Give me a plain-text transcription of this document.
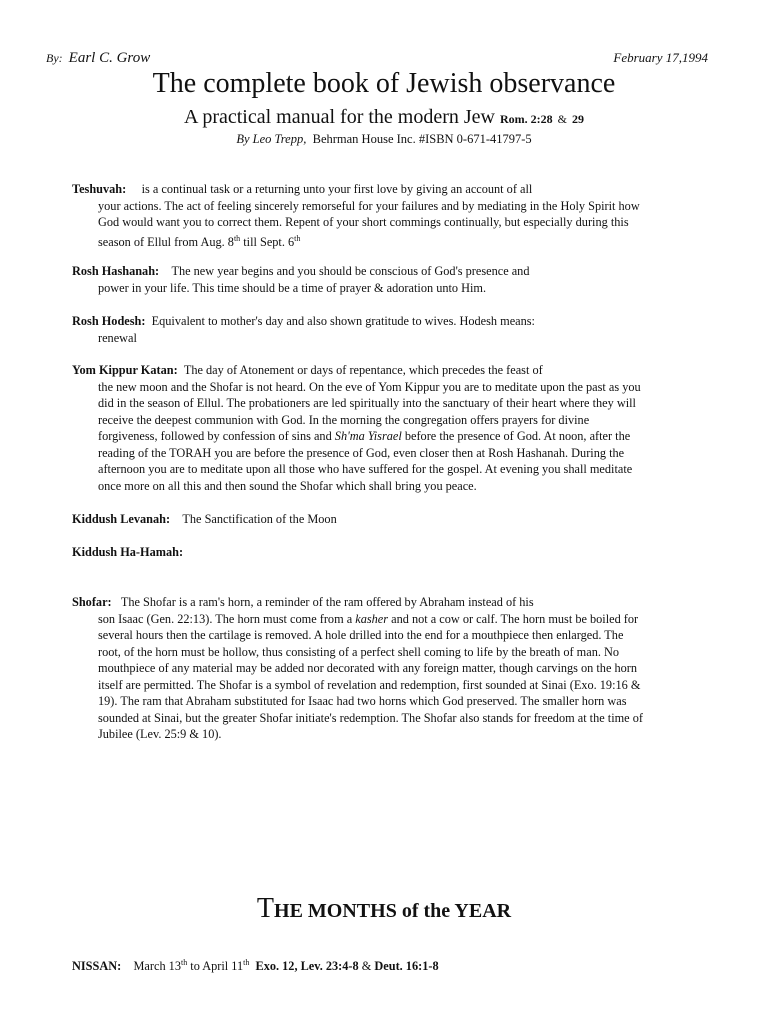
By: Earl C. Grow	February 17,1994
The complete book of Jewish observance
A practical manual for the modern Jew Rom. 2:28 & 29
By Leo Trepp, Behrman House Inc. #ISBN 0-671-41797-5
Teshuvah: is a continual task or a returning unto your first love by giving an account of all
your actions. The act of feeling sincerely remorseful for your failures and by mediating in the Holy Spirit how
God would want you to correct them. Repent of your short commings continually, but especially during this
season of Ellul from Aug. 8th till Sept. 6th
Rosh Hashanah: The new year begins and you should be conscious of God's presence and
power in your life. This time should be a time of prayer & adoration unto Him.
Rosh Hodesh: Equivalent to mother's day and also shown gratitude to wives. Hodesh means:
renewal
Yom Kippur Katan: The day of Atonement or days of repentance, which precedes the feast of
the new moon and the Shofar is not heard. On the eve of Yom Kippur you are to meditate upon the past as you
did in the season of Ellul. The probationers are led spiritually into the sanctuary of their heart where they will
receive the deepest communion with God. In the morning the congregation offers prayers for divine
forgiveness, followed by confession of sins and Sh'ma Yisrael before the presence of God. At noon, after the
reading of the TORAH you are before the presence of God, even closer then at Rosh Hashanah. During the
afternoon you are to meditate upon all those who have suffered for the gospel. At evening you shall meditate
once more on all this and then sound the Shofar which shall bring you peace.
Kiddush Levanah: The Sanctification of the Moon
Kiddush Ha-Hamah:
Shofar: The Shofar is a ram's horn, a reminder of the ram offered by Abraham instead of his
son Isaac (Gen. 22:13). The horn must come from a kasher and not a cow or calf. The horn must be boiled for
several hours then the cartilage is removed. A hole drilled into the end for a mouthpiece then enlarged. The
root, of the horn must be hollow, thus consisting of a perfect shell coming to life by the breath of man. No
mouthpiece of any material may be added nor decorated with any foreign matter, though carvings on the horn
itself are permitted. The Shofar is a symbol of revelation and redemption, first sounded at Sinai (Exo. 19:16 &
19). The ram that Abraham substituted for Isaac had two horns which God preserved. The smaller horn was
sounded at Sinai, but the greater Shofar initiate's redemption. The Shofar also stands for freedom at the time of
Jubilee (Lev. 25:9 & 10).
THE MONTHS of the YEAR
NISSAN: March 13th to April 11th Exo. 12, Lev. 23:4-8 & Deut. 16:1-8
